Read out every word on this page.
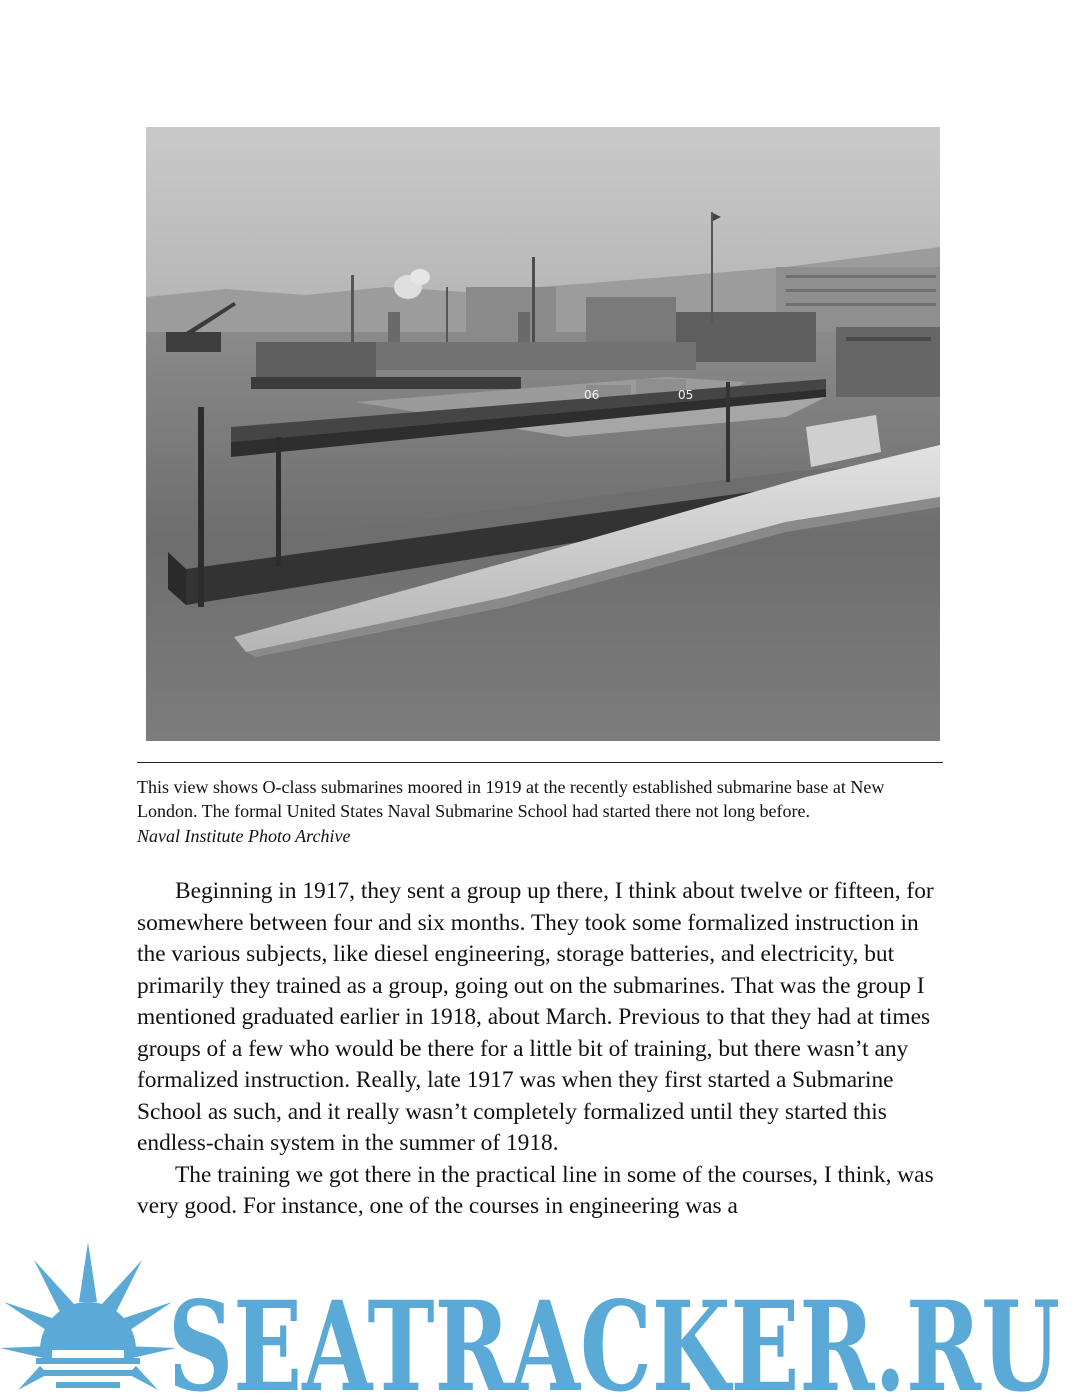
06	05

This view shows O-class submarines moored in 1919 at the recently established submarine base at New London. The formal United States Naval Submarine School had started there not long before.

Naval Institute Photo Archive

Beginning in 1917, they sent a group up there, I think about twelve or fifteen, for somewhere between four and six months. They took some formalized instruction in the various subjects, like diesel engineering, storage batteries, and electricity, but primarily they trained as a group, going out on the submarines. That was the group I mentioned graduated earlier in 1918, about March. Previous to that they had at times groups of a few who would be there for a little bit of training, but there wasn’t any formalized instruction. Really, late 1917 was when they first started a Submarine School as such, and it really wasn’t completely formalized until they started this endless-chain system in the summer of 1918.

The training we got there in the practical line in some of the courses, I think, was very good. For instance, one of the courses in engineering was a

SEATRACKER.RU
